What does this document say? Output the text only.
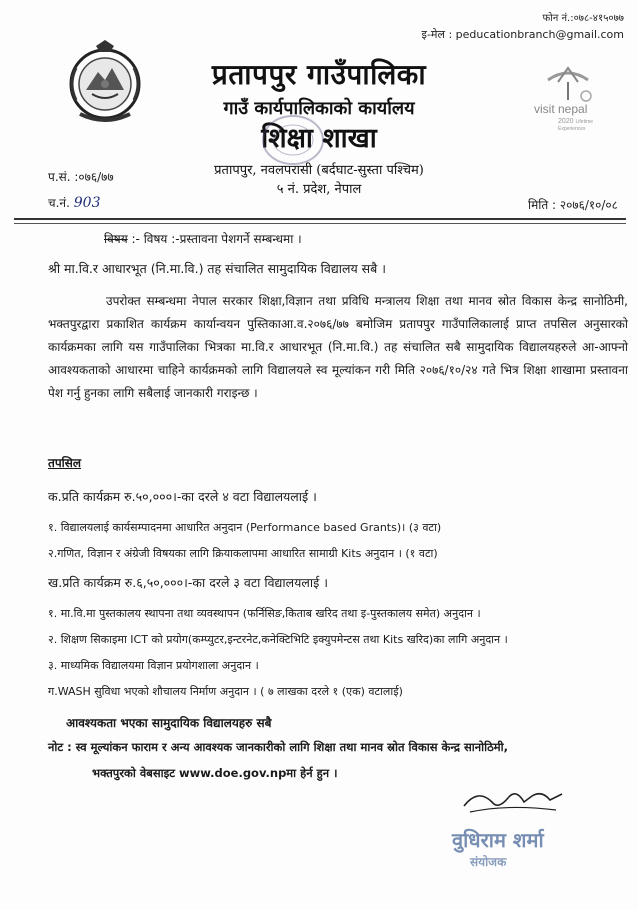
फोन नं.:०७८-४१५०७७
इ-मेल : peducationbranch@gmail.com
visit nepal
2020 Lifetime Experiences
प्रतापपुर गाउँपालिका
गाउँ कार्यपालिकाको कार्यालय
शिक्षा शाखा
प्रतापपुर, नवलपरासी (बर्दघाट-सुस्ता पश्चिम)
५ नं. प्रदेश, नेपाल
प.सं. :०७६/७७
च.नं. 903	मिति : २०७६/१०/०८
विषय :- विषय :-प्रस्तावना पेशगर्ने सम्बन्धमा ।
श्री मा.वि.र आधारभूत (नि.मा.वि.) तह संचालित सामुदायिक विद्यालय सबै ।
उपरोक्त सम्बन्धमा नेपाल सरकार शिक्षा,विज्ञान तथा प्रविधि मन्त्रालय शिक्षा तथा मानव स्रोत विकास केन्द्र सानोठिमी, भक्तपुरद्वारा प्रकाशित कार्यक्रम कार्यान्वयन पुस्तिकाआ.व.२०७६/७७ बमोजिम प्रतापपुर गाउँपालिकालाई प्राप्त तपसिल अनुसारको कार्यक्रमका लागि यस गाउँपालिका भित्रका मा.वि.र आधारभूत (नि.मा.वि.) तह संचालित सबै सामुदायिक विद्यालयहरुले आ-आफ्नो आवश्यकताको आधारमा चाहिने कार्यक्रमको लागि विद्यालयले स्व मूल्यांकन गरी मिति २०७६/१०/२४ गते भित्र शिक्षा शाखामा प्रस्तावना पेश गर्नु हुनका लागि सबैलाई जानकारी गराइन्छ ।
तपसिल
क.प्रति कार्यक्रम रु.५०,०००।-का दरले ४ वटा विद्यालयलाई ।
१. विद्यालयलाई कार्यसम्पादनमा आधारित अनुदान (Performance based Grants)। (३ वटा)
२.गणित, विज्ञान र अंग्रेजी विषयका लागि क्रियाकलापमा आधारित सामाग्री Kits अनुदान । (१ वटा)
ख.प्रति कार्यक्रम रु.६,५०,०००।-का दरले ३ वटा विद्यालयलाई ।
१. मा.वि.मा पुस्तकालय स्थापना तथा व्यवस्थापन (फर्निसिङ,किताब खरिद तथा इ-पुस्तकालय समेत) अनुदान ।
२. शिक्षण सिकाइमा ICT को प्रयोग(कम्प्युटर,इन्टरनेट,कनेक्टिभिटि इक्युपमेन्टस तथा Kits खरिद)का लागि अनुदान ।
३. माध्यमिक विद्यालयमा विज्ञान प्रयोगशाला अनुदान ।
ग.WASH सुविधा भएको शौचालय निर्माण अनुदान । ( ७ लाखका दरले १ (एक) वटालाई)
आवश्यकता भएका सामुदायिक विद्यालयहरु सबै
नोट : स्व मूल्यांकन फाराम र अन्य आवश्यक जानकारीको लागि शिक्षा तथा मानव स्रोत विकास केन्द्र सानोठिमी,
भक्तपुरको वेबसाइट www.doe.gov.npमा हेर्न हुन ।
वुधिराम शर्मा
संयोजक
